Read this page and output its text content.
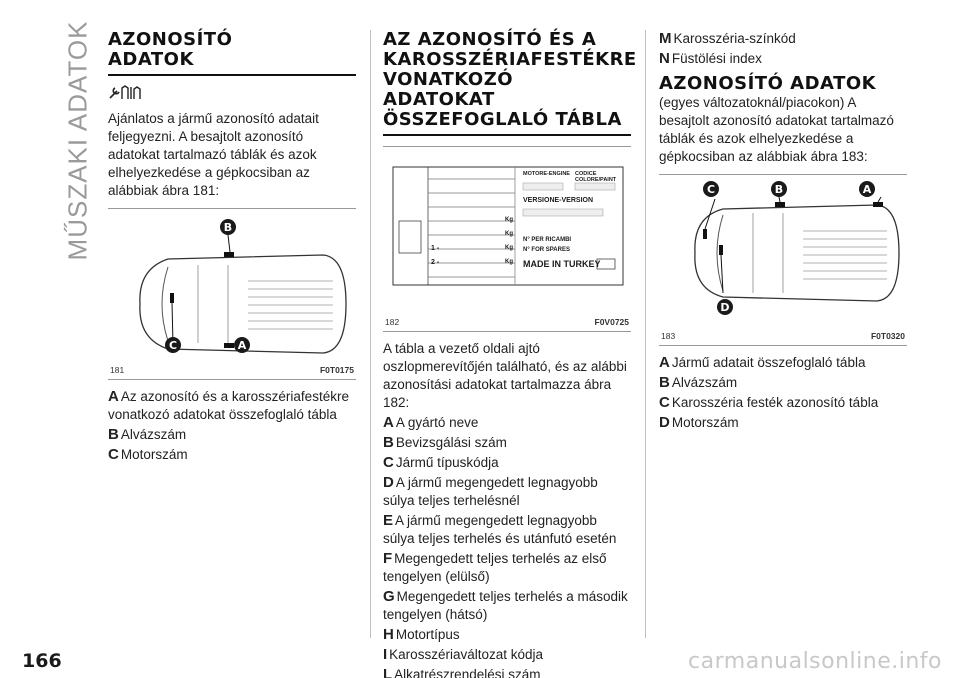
MŰSZAKI ADATOK AZONOSÍTÓ
ADATOK
Ajánlatos a jármű azonosító adatait feljegyezni. A besajtolt azonosító adatokat tartalmazó táblák és azok elhelyezkedése a gépkocsiban az alábbiak ábra 181:
B
C	A
181	F0T0175
A Az azonosító és a karosszériafestékre vonatkozó adatokat összefoglaló tábla
B Alvázszám
C Motorszám
AZ AZONOSÍTÓ ÉS A
KAROSSZÉRIAFESTÉKRE
VONATKOZÓ ADATOKAT
ÖSSZEFOGLALÓ TÁBLA
MOTORE-ENGINE CODICE COLORE/PAINT
VERSIONE-VERSION
Kg
Kg
Kg
Kg
1 -
2 -
N° PER RICAMBI
N° FOR SPARES
MADE IN TURKEY
182	F0V0725
A tábla a vezető oldali ajtó oszlopmerevítőjén található, és az alábbi azonosítási adatokat tartalmazza ábra 182:
A A gyártó neve
B Bevizsgálási szám
C Jármű típuskódja
D A jármű megengedett legnagyobb súlya teljes terhelésnél
E A jármű megengedett legnagyobb súlya teljes terhelés és utánfutó esetén
F Megengedett teljes terhelés az első tengelyen (elülső)
G Megengedett teljes terhelés a második tengelyen (hátsó)
H Motortípus
I Karosszériaváltozat kódja
L Alkatrészrendelési szám
M Karosszéria-színkód
N Füstölési index
AZONOSÍTÓ ADATOK
(egyes változatoknál/piacokon) A besajtolt azonosító adatokat tartalmazó táblák és azok elhelyezkedése a gépkocsiban az alábbiak ábra 183:
C	B	A
D
183	F0T0320
A Jármű adatait összefoglaló tábla
B Alvázszám
C Karosszéria festék azonosító tábla
D Motorszám
166	carmanualsonline.info
